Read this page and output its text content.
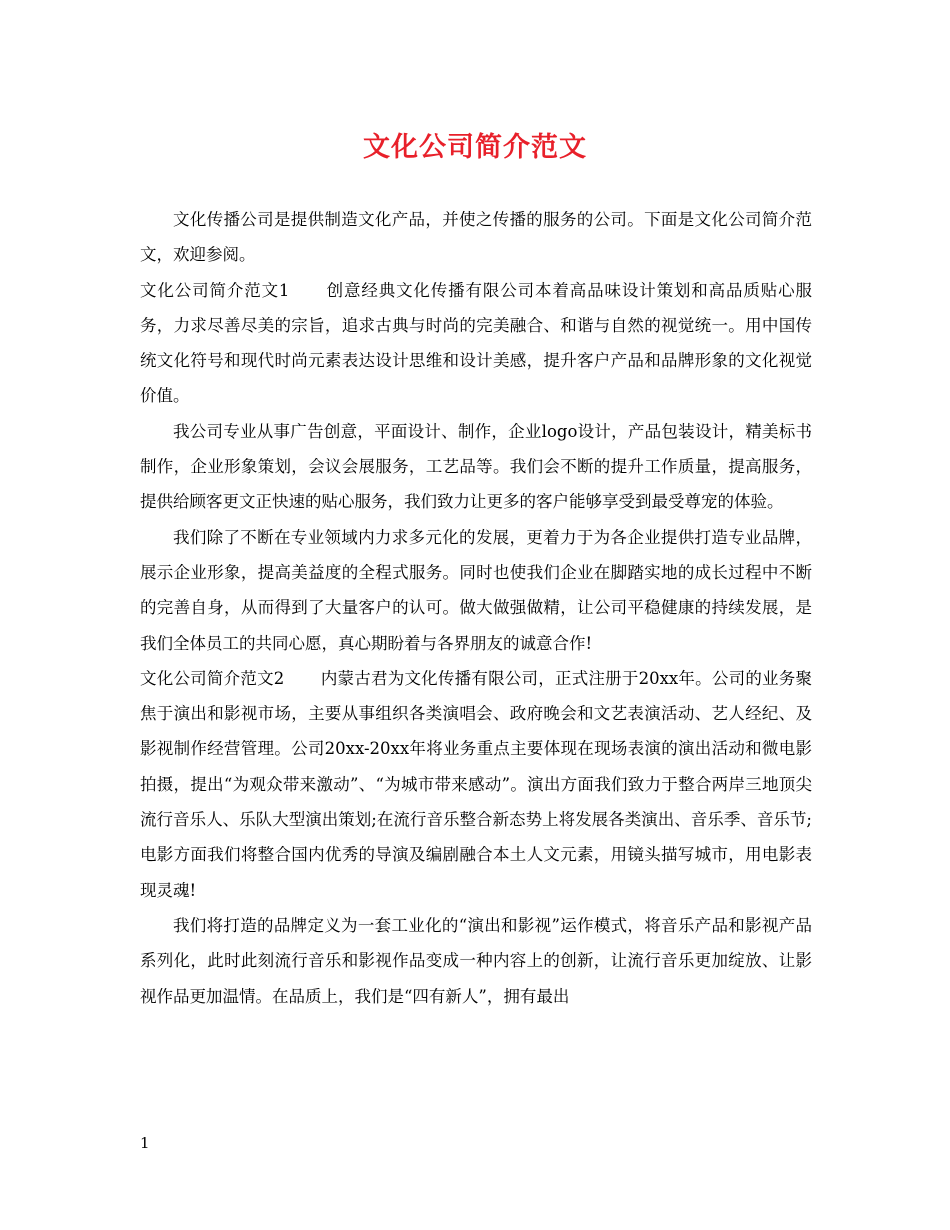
文化公司简介范文

文化传播公司是提供制造文化产品，并使之传播的服务的公司。下面是文化公司简介范文，欢迎参阅。

文化公司简介范文1 创意经典文化传播有限公司本着高品味设计策划和高品质贴心服务，力求尽善尽美的宗旨，追求古典与时尚的完美融合、和谐与自然的视觉统一。用中国传统文化符号和现代时尚元素表达设计思维和设计美感，提升客户产品和品牌形象的文化视觉价值。

我公司专业从事广告创意，平面设计、制作，企业logo设计，产品包装设计，精美标书制作，企业形象策划，会议会展服务，工艺品等。我们会不断的提升工作质量，提高服务，提供给顾客更文正快速的贴心服务，我们致力让更多的客户能够享受到最受尊宠的体验。

我们除了不断在专业领域内力求多元化的发展，更着力于为各企业提供打造专业品牌，展示企业形象，提高美益度的全程式服务。同时也使我们企业在脚踏实地的成长过程中不断的完善自身，从而得到了大量客户的认可。做大做强做精，让公司平稳健康的持续发展，是我们全体员工的共同心愿，真心期盼着与各界朋友的诚意合作!

文化公司简介范文2 内蒙古君为文化传播有限公司，正式注册于20xx年。公司的业务聚焦于演出和影视市场，主要从事组织各类演唱会、政府晚会和文艺表演活动、艺人经纪、及影视制作经营管理。公司20xx-20xx年将业务重点主要体现在现场表演的演出活动和微电影拍摄，提出“为观众带来激动”、“为城市带来感动”。演出方面我们致力于整合两岸三地顶尖流行音乐人、乐队大型演出策划;在流行音乐整合新态势上将发展各类演出、音乐季、音乐节;电影方面我们将整合国内优秀的导演及编剧融合本土人文元素，用镜头描写城市，用电影表现灵魂!

我们将打造的品牌定义为一套工业化的“演出和影视”运作模式，将音乐产品和影视产品系列化，此时此刻流行音乐和影视作品变成一种内容上的创新，让流行音乐更加绽放、让影视作品更加温情。在品质上，我们是“四有新人”，拥有最出

1
